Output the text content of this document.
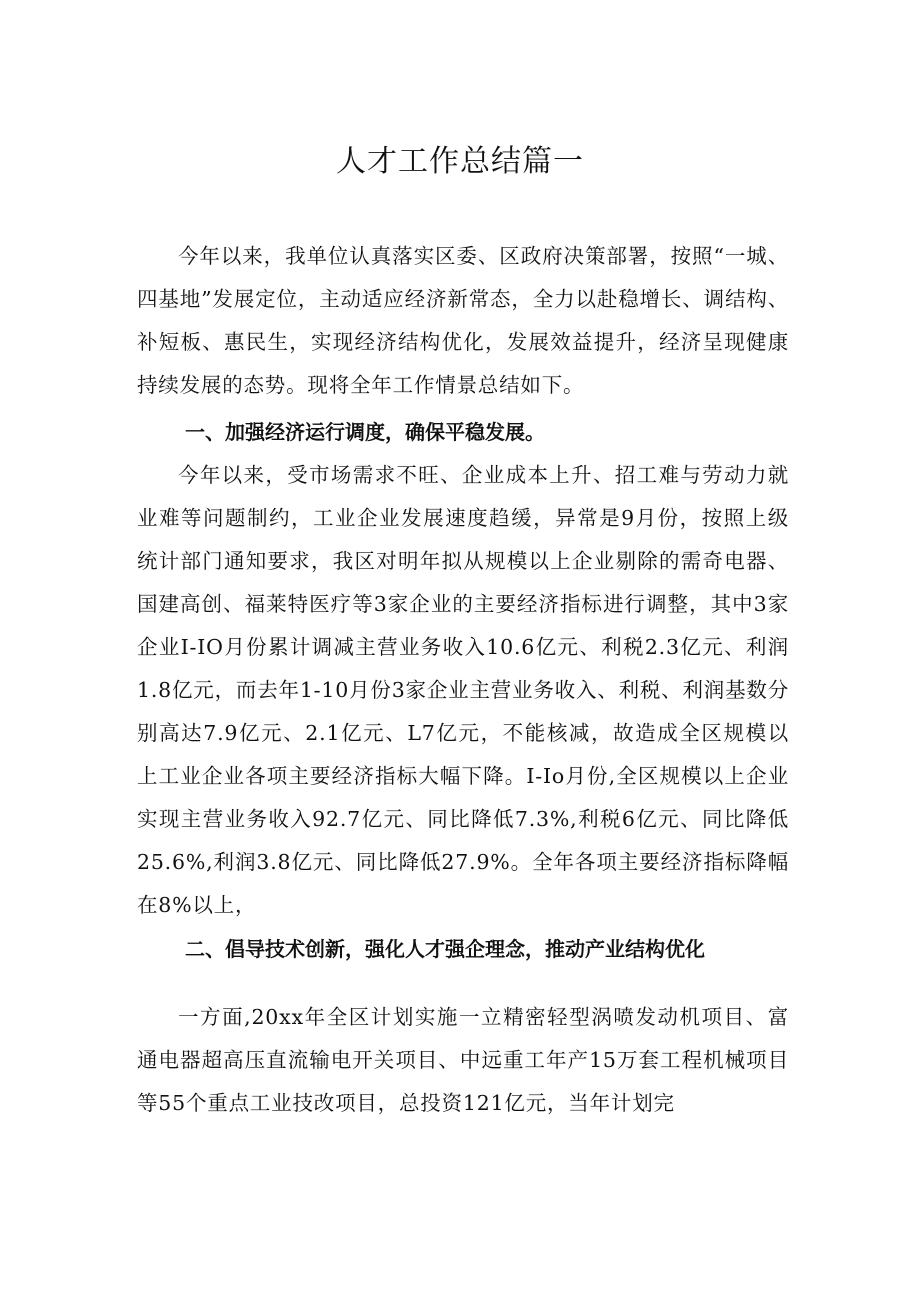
人才工作总结篇一

今年以来，我单位认真落实区委、区政府决策部署，按照“一城、四基地”发展定位，主动适应经济新常态，全力以赴稳增长、调结构、补短板、惠民生，实现经济结构优化，发展效益提升，经济呈现健康持续发展的态势。现将全年工作情景总结如下。

一、加强经济运行调度，确保平稳发展。

今年以来，受市场需求不旺、企业成本上升、招工难与劳动力就业难等问题制约，工业企业发展速度趋缓，异常是9月份，按照上级统计部门通知要求，我区对明年拟从规模以上企业剔除的需奇电器、国建高创、福莱特医疗等3家企业的主要经济指标进行调整，其中3家企业I-IO月份累计调减主营业务收入10.6亿元、利税2.3亿元、利润1.8亿元，而去年1-10月份3家企业主营业务收入、利税、利润基数分别高达7.9亿元、2.1亿元、L7亿元，不能核减，故造成全区规模以上工业企业各项主要经济指标大幅下降。I-Io月份,全区规模以上企业实现主营业务收入92.7亿元、同比降低7.3%,利税6亿元、同比降低25.6%,利润3.8亿元、同比降低27.9%。全年各项主要经济指标降幅在8%以上，

二、倡导技术创新，强化人才强企理念，推动产业结构优化

一方面,20xx年全区计划实施一立精密轻型涡喷发动机项目、富通电器超高压直流输电开关项目、中远重工年产15万套工程机械项目等55个重点工业技改项目，总投资121亿元，当年计划完
